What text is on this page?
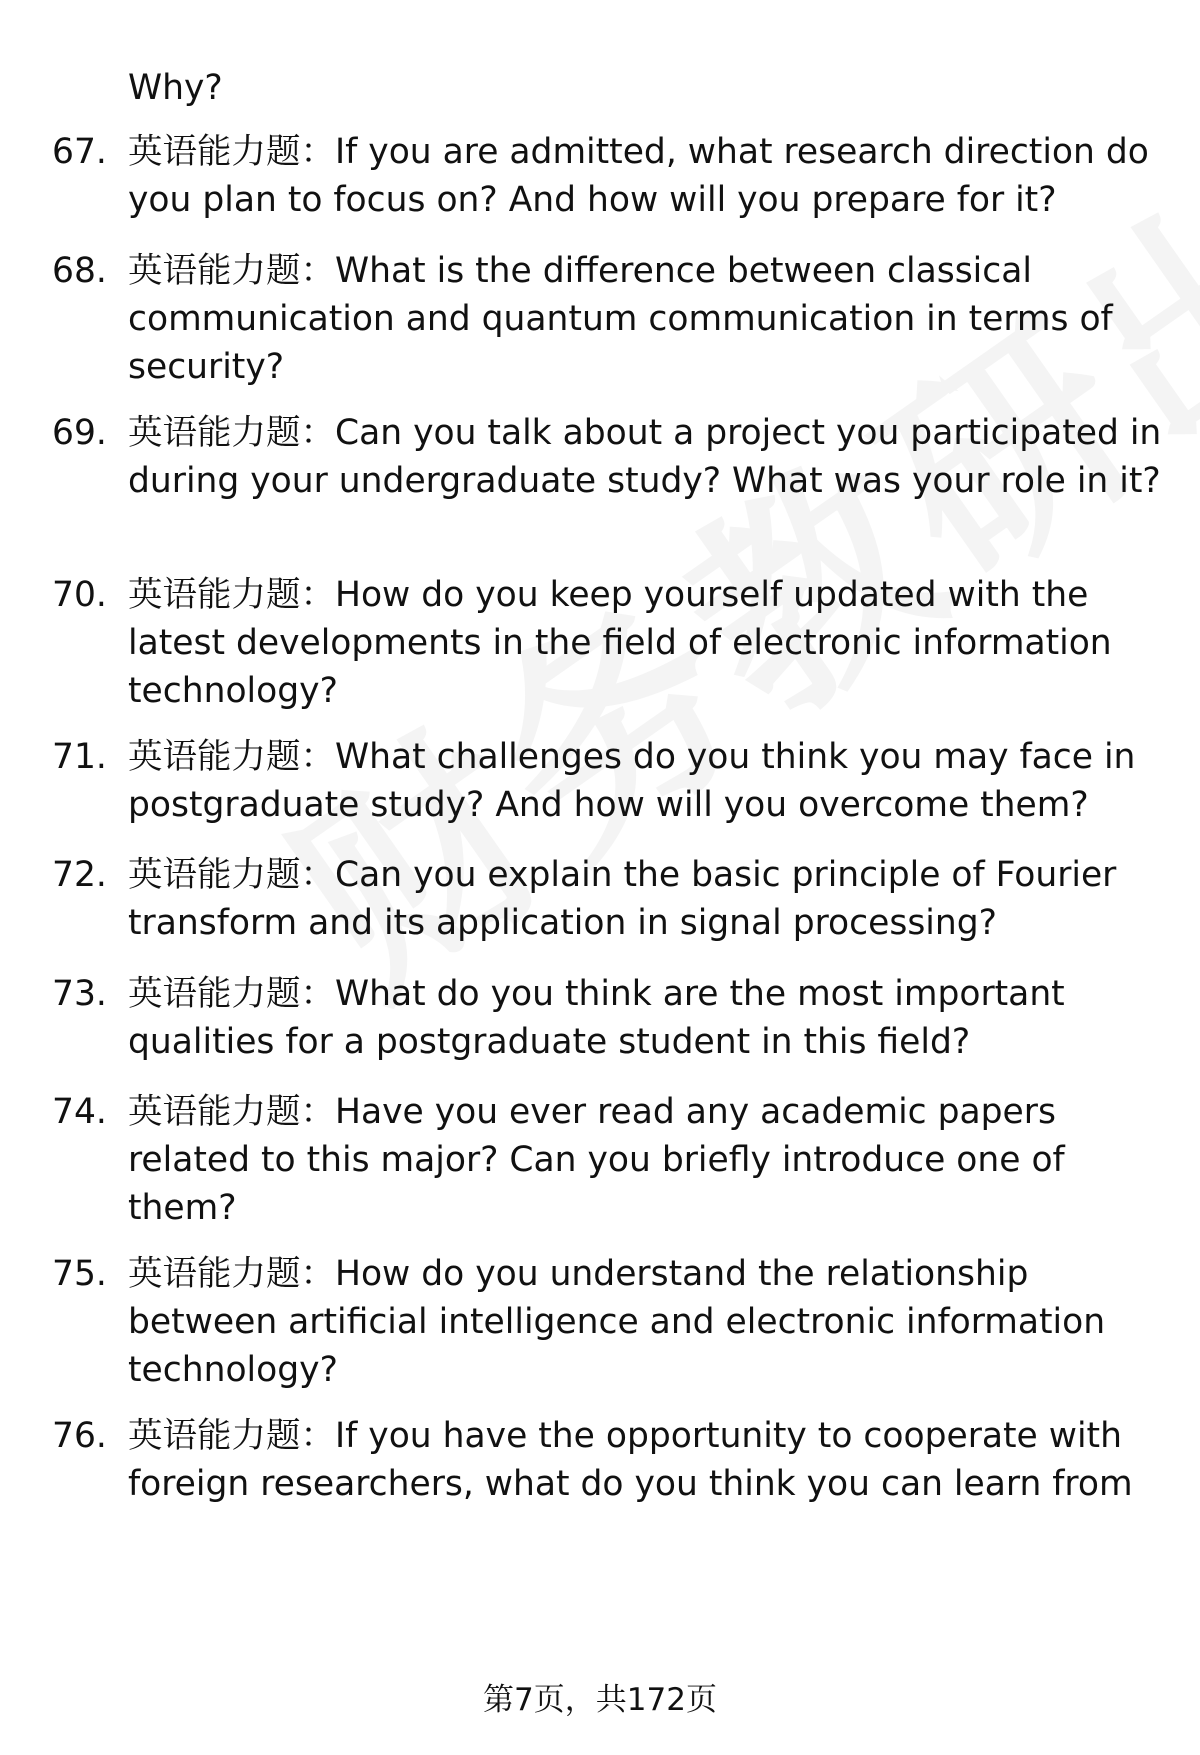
Why?
67. 英语能力题：If you are admitted, what research direction do you plan to focus on? And how will you prepare for it?
68. 英语能力题：What is the difference between classical communication and quantum communication in terms of security?
69. 英语能力题：Can you talk about a project you participated in during your undergraduate study? What was your role in it?
70. 英语能力题：How do you keep yourself updated with the latest developments in the field of electronic information technology?
71. 英语能力题：What challenges do you think you may face in postgraduate study? And how will you overcome them?
72. 英语能力题：Can you explain the basic principle of Fourier transform and its application in signal processing?
73. 英语能力题：What do you think are the most important qualities for a postgraduate student in this field?
74. 英语能力题：Have you ever read any academic papers related to this major? Can you briefly introduce one of them?
75. 英语能力题：How do you understand the relationship between artificial intelligence and electronic information technology?
76. 英语能力题：If you have the opportunity to cooperate with foreign researchers, what do you think you can learn from
第7页，共172页
